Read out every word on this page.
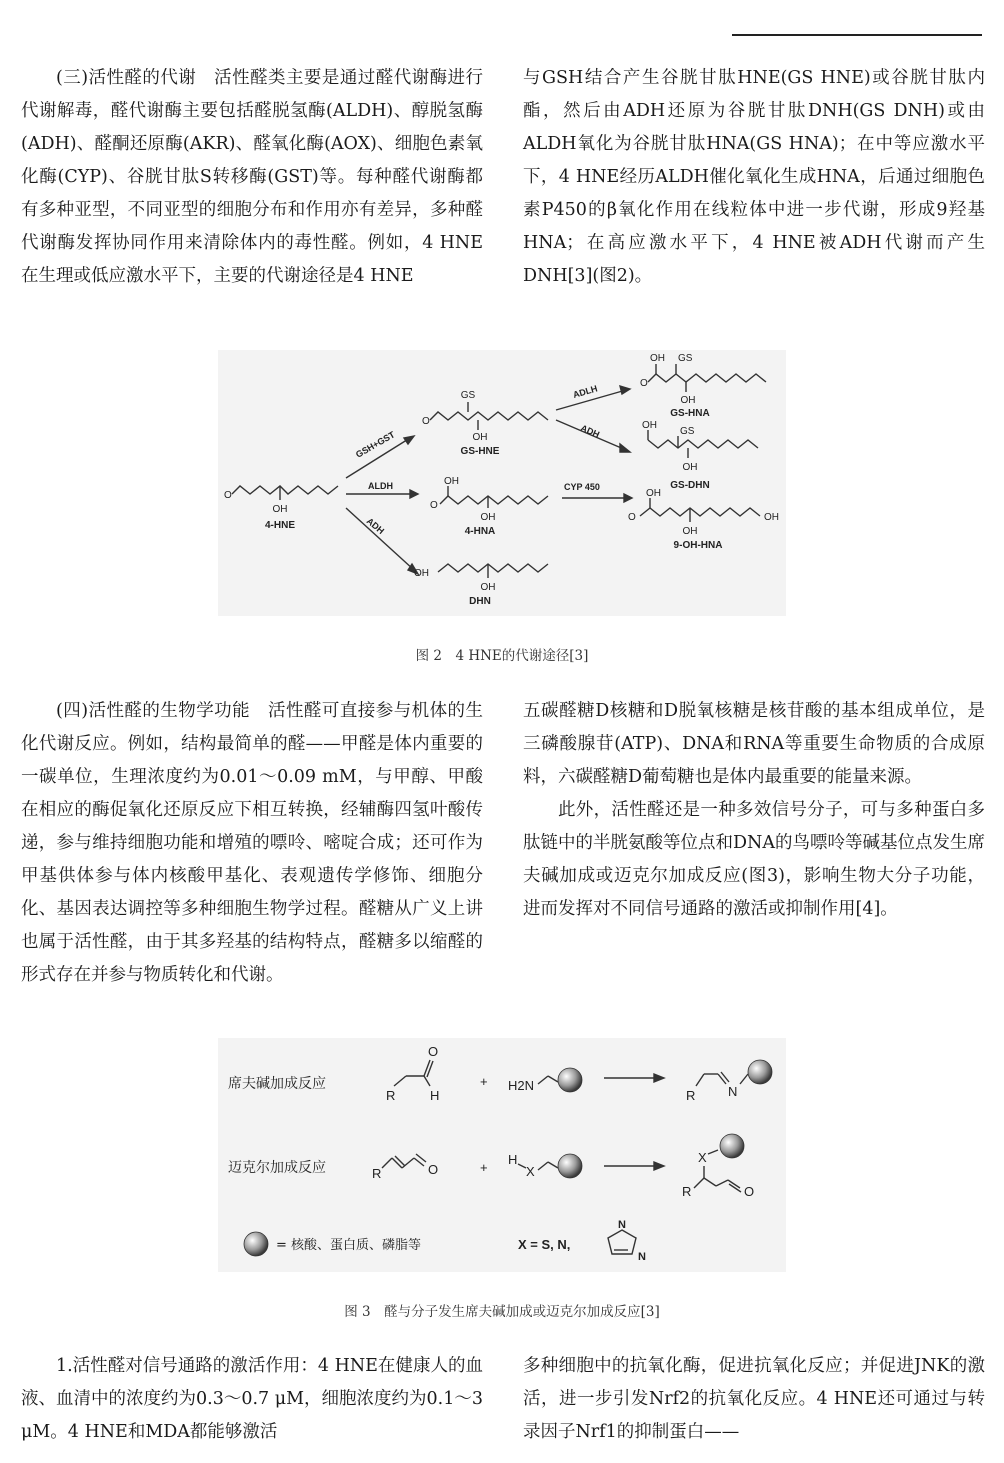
(三)活性醛的代谢　活性醛类主要是通过醛代谢酶进行代谢解毒，醛代谢酶主要包括醛脱氢酶(ALDH)、醇脱氢酶(ADH)、醛酮还原酶(AKR)、醛氧化酶(AOX)、细胞色素氧化酶(CYP)、谷胱甘肽S转移酶(GST)等。每种醛代谢酶都有多种亚型，不同亚型的细胞分布和作用亦有差异，多种醛代谢酶发挥协同作用来清除体内的毒性醛。例如，4 HNE在生理或低应激水平下，主要的代谢途径是4 HNE

与GSH结合产生谷胱甘肽HNE(GS HNE)或谷胱甘肽内酯，然后由ADH还原为谷胱甘肽DNH(GS DNH)或由ALDH氧化为谷胱甘肽HNA(GS HNA)；在中等应激水平下，4 HNE经历ALDH催化氧化生成HNA，后通过细胞色素P450的β氧化作用在线粒体中进一步代谢，形成9羟基HNA；在高应激水平下，4 HNE被ADH代谢而产生DNH[3](图2)。

OH
O
4-HNE
GSH+GST
ALDH
ADH
GS
OH
O
GS-HNE
ADLH
ADH
OH
O
OH
4-HNA
CYP 450
OH
OH
DHN
OH GS
O
OH
GS-HNA
OH
GS
OH
GS-DHN
OH
O
OH
OH
9-OH-HNA
图 2　4 HNE的代谢途径[3]

(四)活性醛的生物学功能　活性醛可直接参与机体的生化代谢反应。例如，结构最简单的醛——甲醛是体内重要的一碳单位，生理浓度约为0.01～0.09 mM，与甲醇、甲酸在相应的酶促氧化还原反应下相互转换，经辅酶四氢叶酸传递，参与维持细胞功能和增殖的嘌呤、嘧啶合成；还可作为甲基供体参与体内核酸甲基化、表观遗传学修饰、细胞分化、基因表达调控等多种细胞生物学过程。醛糖从广义上讲也属于活性醛，由于其多羟基的结构特点，醛糖多以缩醛的形式存在并参与物质转化和代谢。

五碳醛糖D核糖和D脱氧核糖是核苷酸的基本组成单位，是三磷酸腺苷(ATP)、DNA和RNA等重要生命物质的合成原料，六碳醛糖D葡萄糖也是体内最重要的能量来源。

此外，活性醛还是一种多效信号分子，可与多种蛋白多肽链中的半胱氨酸等位点和DNA的鸟嘌呤等碱基位点发生席夫碱加成或迈克尔加成反应(图3)，影响生物大分子功能，进而发挥对不同信号通路的激活或抑制作用[4]。

席夫碱加成反应
R	H
O
+ H2N
R	N
迈克尔加成反应	R	O	+
H
X
R
X
O
= 核酸、蛋白质、磷脂等	X = S, N,
N
N
图 3　醛与分子发生席夫碱加成或迈克尔加成反应[3]

1.活性醛对信号通路的激活作用：4 HNE在健康人的血液、血清中的浓度约为0.3～0.7 μM，细胞浓度约为0.1～3 μM。4 HNE和MDA都能够激活

多种细胞中的抗氧化酶，促进抗氧化反应；并促进JNK的激活，进一步引发Nrf2的抗氧化反应。4 HNE还可通过与转录因子Nrf1的抑制蛋白——
